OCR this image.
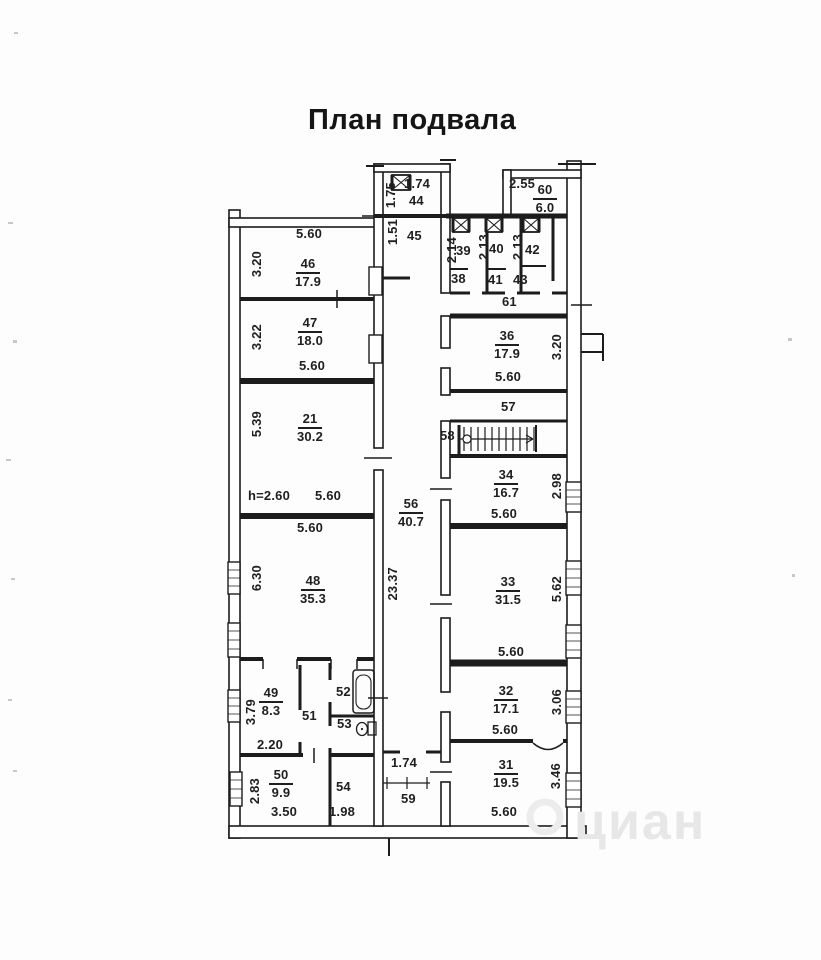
План подвала
циан
1.74
44
1.75
1.51 45
2.55
$\frac{60}{6.0}$
2.14
39
38
2.13
40
41
2.13 42
43
61
5.60
$3.20 \frac{46}{17.9}$
$\frac{47}{18.0}$
3.22
5.60
$\frac{21}{30.2}$
5.39
h=2.60 5.60
5.60
$6.30 \frac{48}{35.3}$
$\frac{49}{8.3}$
3.79
2.20
51
52
53
$\frac{50}{9.9}$
2.83
3.50
54
1.98
$\frac{56}{40.7}$
23.37
1.74
59
$\frac{36}{17.9} 3.20$
5.60
57
58
$\frac{34}{16.7} 2.98$
5.60
$\frac{33}{31.5} 5.62$
5.60
$\frac{32}{17.1} 3.06$
5.60
$\frac{31}{19.5} 3.46$
5.60
